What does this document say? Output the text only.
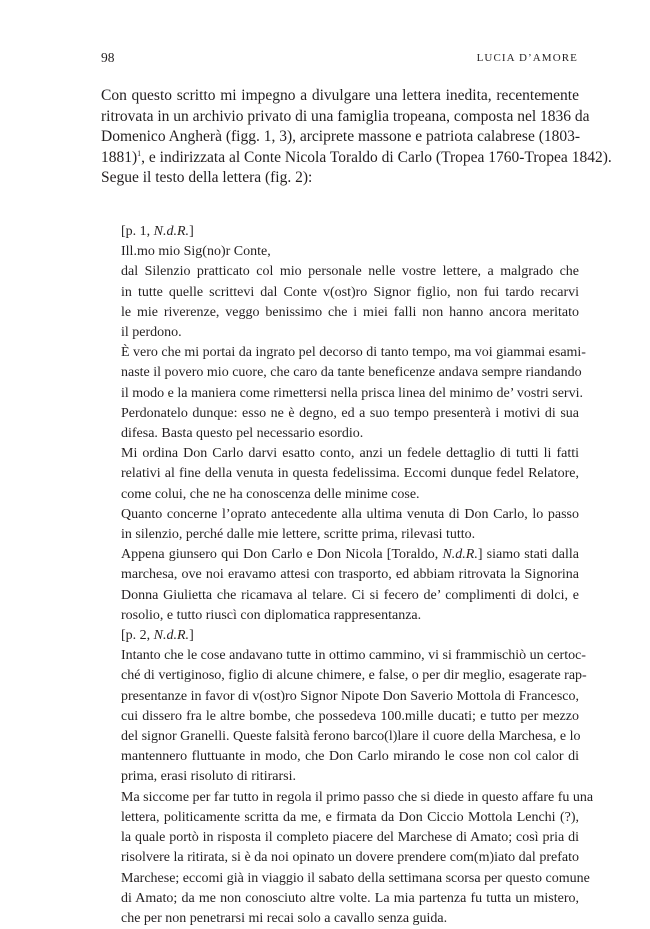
98	LUCIA D’AMORE
Con questo scritto mi impegno a divulgare una lettera inedita, recentemente
ritrovata in un archivio privato di una famiglia tropeana, composta nel 1836 da
Domenico Angherà (figg. 1, 3), arciprete massone e patriota calabrese (1803-
1881)$^1$, e indirizzata al Conte Nicola Toraldo di Carlo (Tropea 1760-Tropea 1842).
Segue il testo della lettera (fig. 2):

[p. 1, N.d.R.]

Ill.mo mio Sig(no)r Conte,

dal Silenzio pratticato col mio personale nelle vostre lettere, a malgrado che
in tutte quelle scrittevi dal Conte v(ost)ro Signor figlio, non fui tardo recarvi
le mie riverenze, veggo benissimo che i miei falli non hanno ancora meritato
il perdono.

È vero che mi portai da ingrato pel decorso di tanto tempo, ma voi giammai esami-
naste il povero mio cuore, che caro da tante beneficenze andava sempre riandando
il modo e la maniera come rimettersi nella prisca linea del minimo de’ vostri servi.
Perdonatelo dunque: esso ne è degno, ed a suo tempo presenterà i motivi di sua
difesa. Basta questo pel necessario esordio.

Mi ordina Don Carlo darvi esatto conto, anzi un fedele dettaglio di tutti li fatti
relativi al fine della venuta in questa fedelissima. Eccomi dunque fedel Relatore,
come colui, che ne ha conoscenza delle minime cose.

Quanto concerne l’oprato antecedente alla ultima venuta di Don Carlo, lo passo
in silenzio, perché dalle mie lettere, scritte prima, rilevasi tutto.

Appena giunsero qui Don Carlo e Don Nicola [Toraldo, N.d.R.] siamo stati dalla
marchesa, ove noi eravamo attesi con trasporto, ed abbiam ritrovata la Signorina
Donna Giulietta che ricamava al telare. Ci si fecero de’ complimenti di dolci, e
rosolio, e tutto riuscì con diplomatica rappresentanza.

[p. 2, N.d.R.]

Intanto che le cose andavano tutte in ottimo cammino, vi si frammischiò un certoc-
ché di vertiginoso, figlio di alcune chimere, e false, o per dir meglio, esagerate rap-
presentanze in favor di v(ost)ro Signor Nipote Don Saverio Mottola di Francesco,
cui dissero fra le altre bombe, che possedeva 100.mille ducati; e tutto per mezzo
del signor Granelli. Queste falsità ferono barco(l)lare il cuore della Marchesa, e lo
mantennero fluttuante in modo, che Don Carlo mirando le cose non col calor di
prima, erasi risoluto di ritirarsi.

Ma siccome per far tutto in regola il primo passo che si diede in questo affare fu una
lettera, politicamente scritta da me, e firmata da Don Ciccio Mottola Lenchi (?),
la quale portò in risposta il completo piacere del Marchese di Amato; così pria di
risolvere la ritirata, si è da noi opinato un dovere prendere com(m)iato dal prefato
Marchese; eccomi già in viaggio il sabato della settimana scorsa per questo comune
di Amato; da me non conosciuto altre volte. La mia partenza fu tutta un mistero,
che per non penetrarsi mi recai solo a cavallo senza guida.
